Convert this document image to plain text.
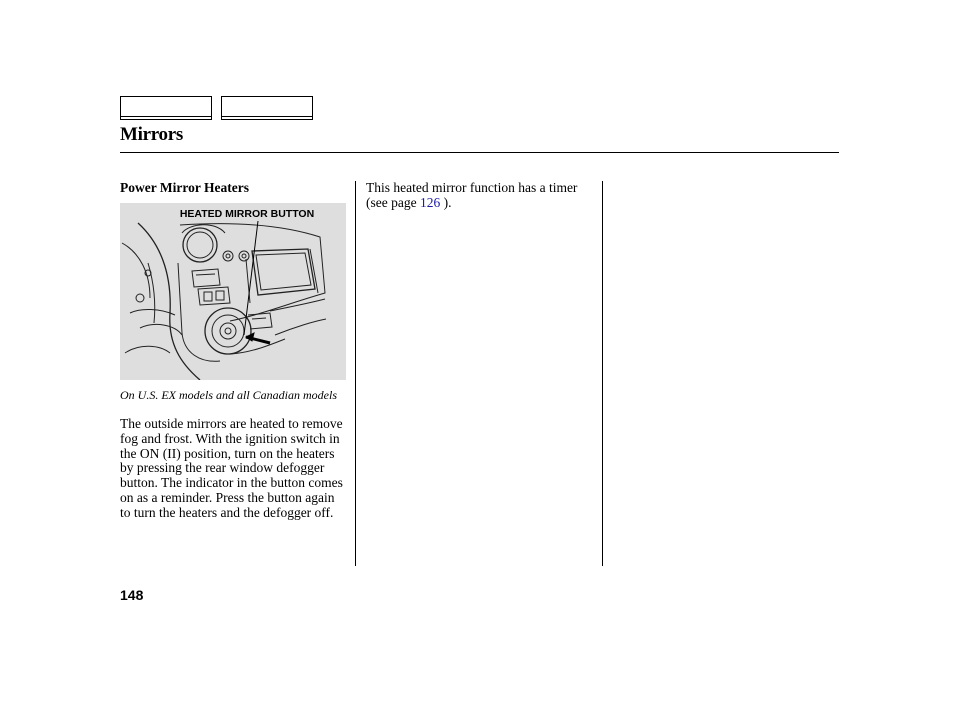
Mirrors
Power Mirror Heaters
HEATED MIRROR BUTTON

On U.S. EX models and all Canadian models

The outside mirrors are heated to remove fog and frost. With the ignition switch in the ON (II) position, turn on the heaters by pressing the rear window defogger button. The indicator in the button comes on as a reminder. Press the button again to turn the heaters and the defogger off.

This heated mirror function has a timer (see page 126 ).

148
